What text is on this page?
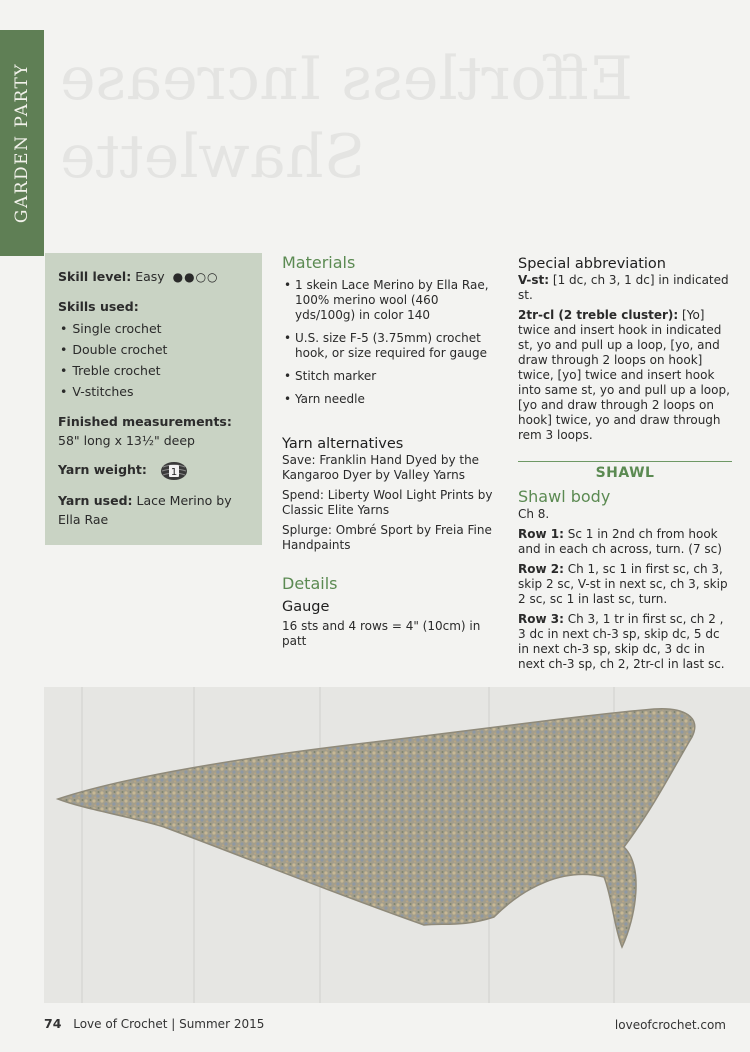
Effortless Increase
Shawlette
GARDEN PARTY
Skill level: Easy ●●○○
Skills used:
• Single crochet
• Double crochet
• Treble crochet
• V-stitches
Finished measurements:
58" long x 13½" deep
Yarn weight: 1
Yarn used: Lace Merino by Ella Rae
Materials
• 1 skein Lace Merino by Ella Rae, 100% merino wool (460 yds/100g) in color 140
• U.S. size F-5 (3.75mm) crochet hook, or size required for gauge
• Stitch marker
• Yarn needle
Yarn alternatives

Save: Franklin Hand Dyed by the Kangaroo Dyer by Valley Yarns

Spend: Liberty Wool Light Prints by Classic Elite Yarns

Splurge: Ombré Sport by Freia Fine Handpaints

Details
Gauge

16 sts and 4 rows = 4" (10cm) in patt

Special abbreviation

V-st: [1 dc, ch 3, 1 dc] in indicated st.

2tr-cl (2 treble cluster): [Yo] twice and insert hook in indicated st, yo and pull up a loop, [yo, and draw through 2 loops on hook] twice, [yo] twice and insert hook into same st, yo and pull up a loop, [yo and draw through 2 loops on hook] twice, yo and draw through rem 3 loops.

SHAWL
Shawl body

Ch 8.

Row 1: Sc 1 in 2nd ch from hook and in each ch across, turn. (7 sc)

Row 2: Ch 1, sc 1 in first sc, ch 3, skip 2 sc, V-st in next sc, ch 3, skip 2 sc, sc 1 in last sc, turn.

Row 3: Ch 3, 1 tr in first sc, ch 2 , 3 dc in next ch-3 sp, skip dc, 5 dc in next ch-3 sp, skip dc, 3 dc in next ch-3 sp, ch 2, 2tr-cl in last sc.

74 Love of Crochet | Summer 2015	loveofcrochet.com
